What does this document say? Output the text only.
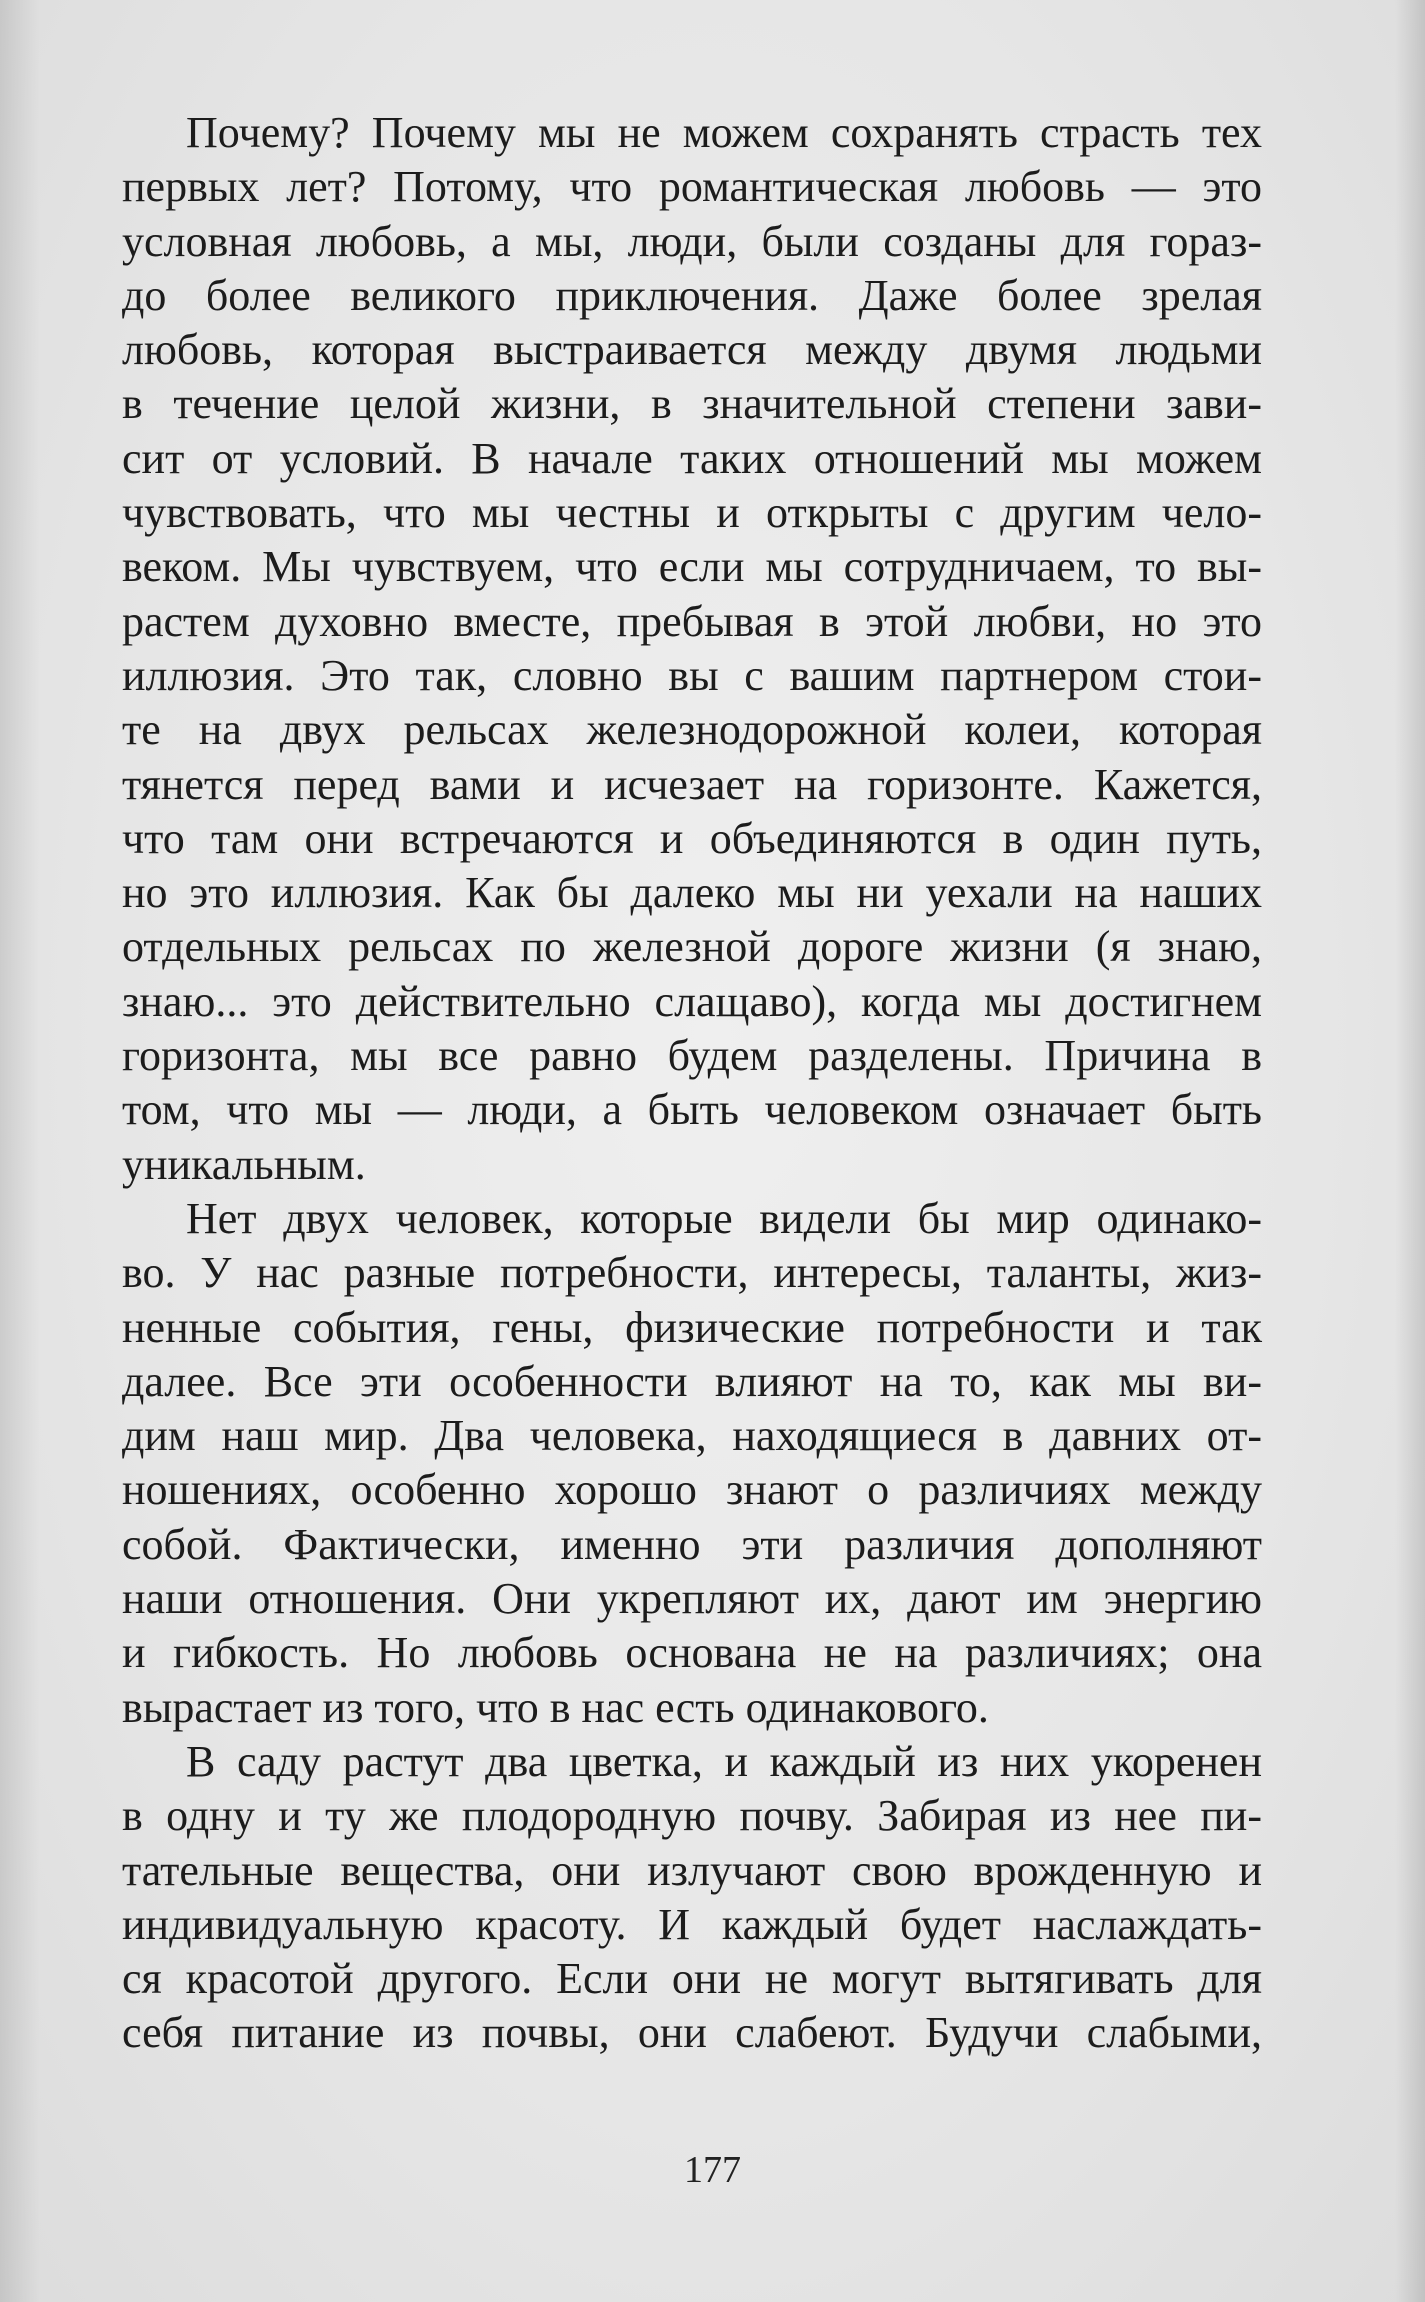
Почему? Почему мы не можем сохранять страсть тех
первых лет? Потому, что романтическая любовь — это
условная любовь, а мы, люди, были созданы для гораз-
до более великого приключения. Даже более зрелая
любовь, которая выстраивается между двумя людьми
в течение целой жизни, в значительной степени зави-
сит от условий. В начале таких отношений мы можем
чувствовать, что мы честны и открыты с другим чело-
веком. Мы чувствуем, что если мы сотрудничаем, то вы-
растем духовно вместе, пребывая в этой любви, но это
иллюзия. Это так, словно вы с вашим партнером стои-
те на двух рельсах железнодорожной колеи, которая
тянется перед вами и исчезает на горизонте. Кажется,
что там они встречаются и объединяются в один путь,
но это иллюзия. Как бы далеко мы ни уехали на наших
отдельных рельсах по железной дороге жизни (я знаю,
знаю... это действительно слащаво), когда мы достигнем
горизонта, мы все равно будем разделены. Причина в
том, что мы — люди, а быть человеком означает быть
уникальным.
Нет двух человек, которые видели бы мир одинако-
во. У нас разные потребности, интересы, таланты, жиз-
ненные события, гены, физические потребности и так
далее. Все эти особенности влияют на то, как мы ви-
дим наш мир. Два человека, находящиеся в давних от-
ношениях, особенно хорошо знают о различиях между
собой. Фактически, именно эти различия дополняют
наши отношения. Они укрепляют их, дают им энергию
и гибкость. Но любовь основана не на различиях; она
вырастает из того, что в нас есть одинакового.
В саду растут два цветка, и каждый из них укоренен
в одну и ту же плодородную почву. Забирая из нее пи-
тательные вещества, они излучают свою врожденную и
индивидуальную красоту. И каждый будет наслаждать-
ся красотой другого. Если они не могут вытягивать для
себя питание из почвы, они слабеют. Будучи слабыми,
177
